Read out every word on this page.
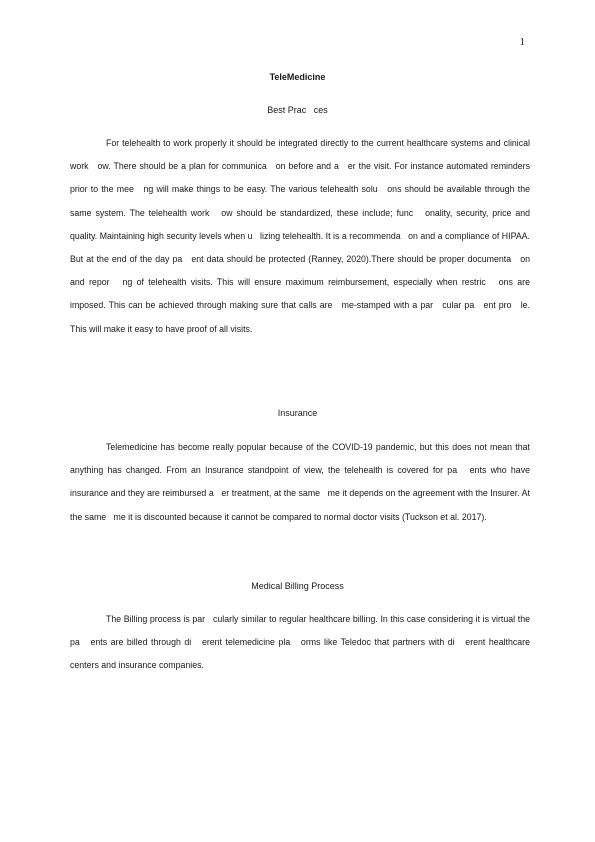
1
TeleMedicine
Best Prac   ces

For telehealth to work properly it should be integrated directly to the current healthcare systems and clinical work   ow. There should be a plan for communica   on before and a   er the visit. For instance automated reminders prior to the mee   ng will make things to be easy. The various telehealth solu   ons should be available through the same system. The telehealth work   ow should be standardized, these include; func   onality, security, price and quality. Maintaining high security levels when u   lizing telehealth. It is a recommenda   on and a compliance of HIPAA. But at the end of the day pa   ent data should be protected (Ranney, 2020).There should be proper documenta   on and repor   ng of telehealth visits. This will ensure maximum reimbursement, especially when restric   ons are imposed. This can be achieved through making sure that calls are   me-stamped with a par   cular pa   ent pro   le. This will make it easy to have proof of all visits.

Insurance

Telemedicine has become really popular because of the COVID-19 pandemic, but this does not mean that anything has changed. From an Insurance standpoint of view, the telehealth is covered for pa   ents who have insurance and they are reimbursed a   er treatment, at the same   me it depends on the agreement with the Insurer. At the same   me it is discounted because it cannot be compared to normal doctor visits (Tuckson et al. 2017).

Medical Billing Process

The Billing process is par   cularly similar to regular healthcare billing. In this case considering it is virtual the pa   ents are billed through di   erent telemedicine pla   orms like Teledoc that partners with di   erent healthcare centers and insurance companies.
